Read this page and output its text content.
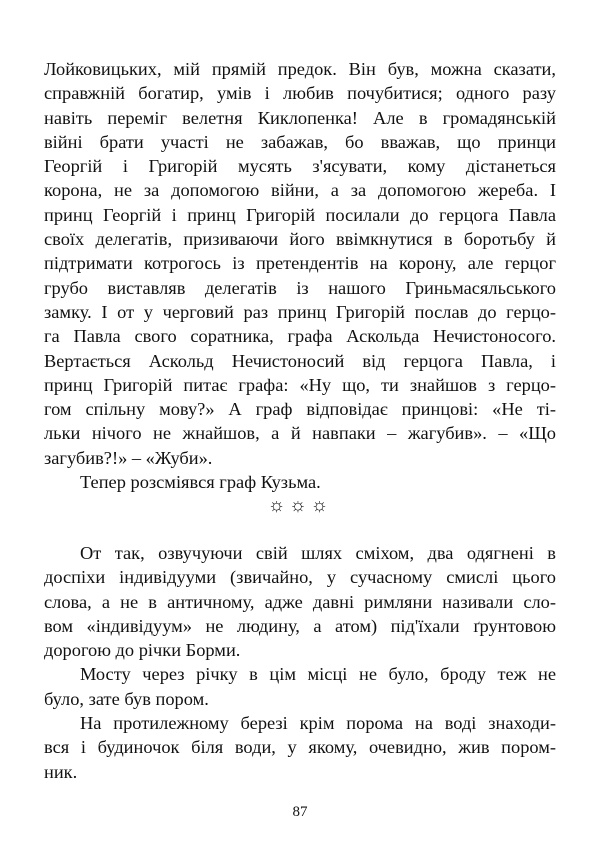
Лойковицьких, мій прямій предок. Він був, можна сказати,
справжній богатир, умів і любив почубитися; одного разу
навіть переміг велетня Киклопенка! Але в громадянській
війні брати участі не забажав, бо вважав, що принци
Георгій і Григорій мусять з'ясувати, кому дістанеться
корона, не за допомогою війни, а за допомогою жереба. І
принц Георгій і принц Григорій посилали до герцога Павла
своїх делегатів, призиваючи його ввімкнутися в боротьбу й
підтримати котрогось із претендентів на корону, але герцог
грубо виставляв делегатів із нашого Гриньмасяльського
замку. І от у черговий раз принц Григорій послав до герцо-
га Павла свого соратника, графа Аскольда Нечистоносого.
Вертається Аскольд Нечистоносий від герцога Павла, і
принц Григорій питає графа: «Ну що, ти знайшов з герцо-
гом спільну мову?» А граф відповідає принцові: «Не ті-
льки нічого не жнайшов, а й навпаки – жагубив». – «Що
загубив?!» – «Жуби».
Тепер розсміявся граф Кузьма.
☼☼☼
От так, озвучуючи свій шлях сміхом, два одягнені в
доспіхи індивідууми (звичайно, у сучасному смислі цього
слова, а не в античному, адже давні римляни називали сло-
вом «індивідуум» не людину, а атом) під'їхали ґрунтовою
дорогою до річки Борми.
Мосту через річку в цім місці не було, броду теж не
було, зате був пором.
На протилежному березі крім порома на воді знаходи-
вся і будиночок біля води, у якому, очевидно, жив пором-
ник.
87
